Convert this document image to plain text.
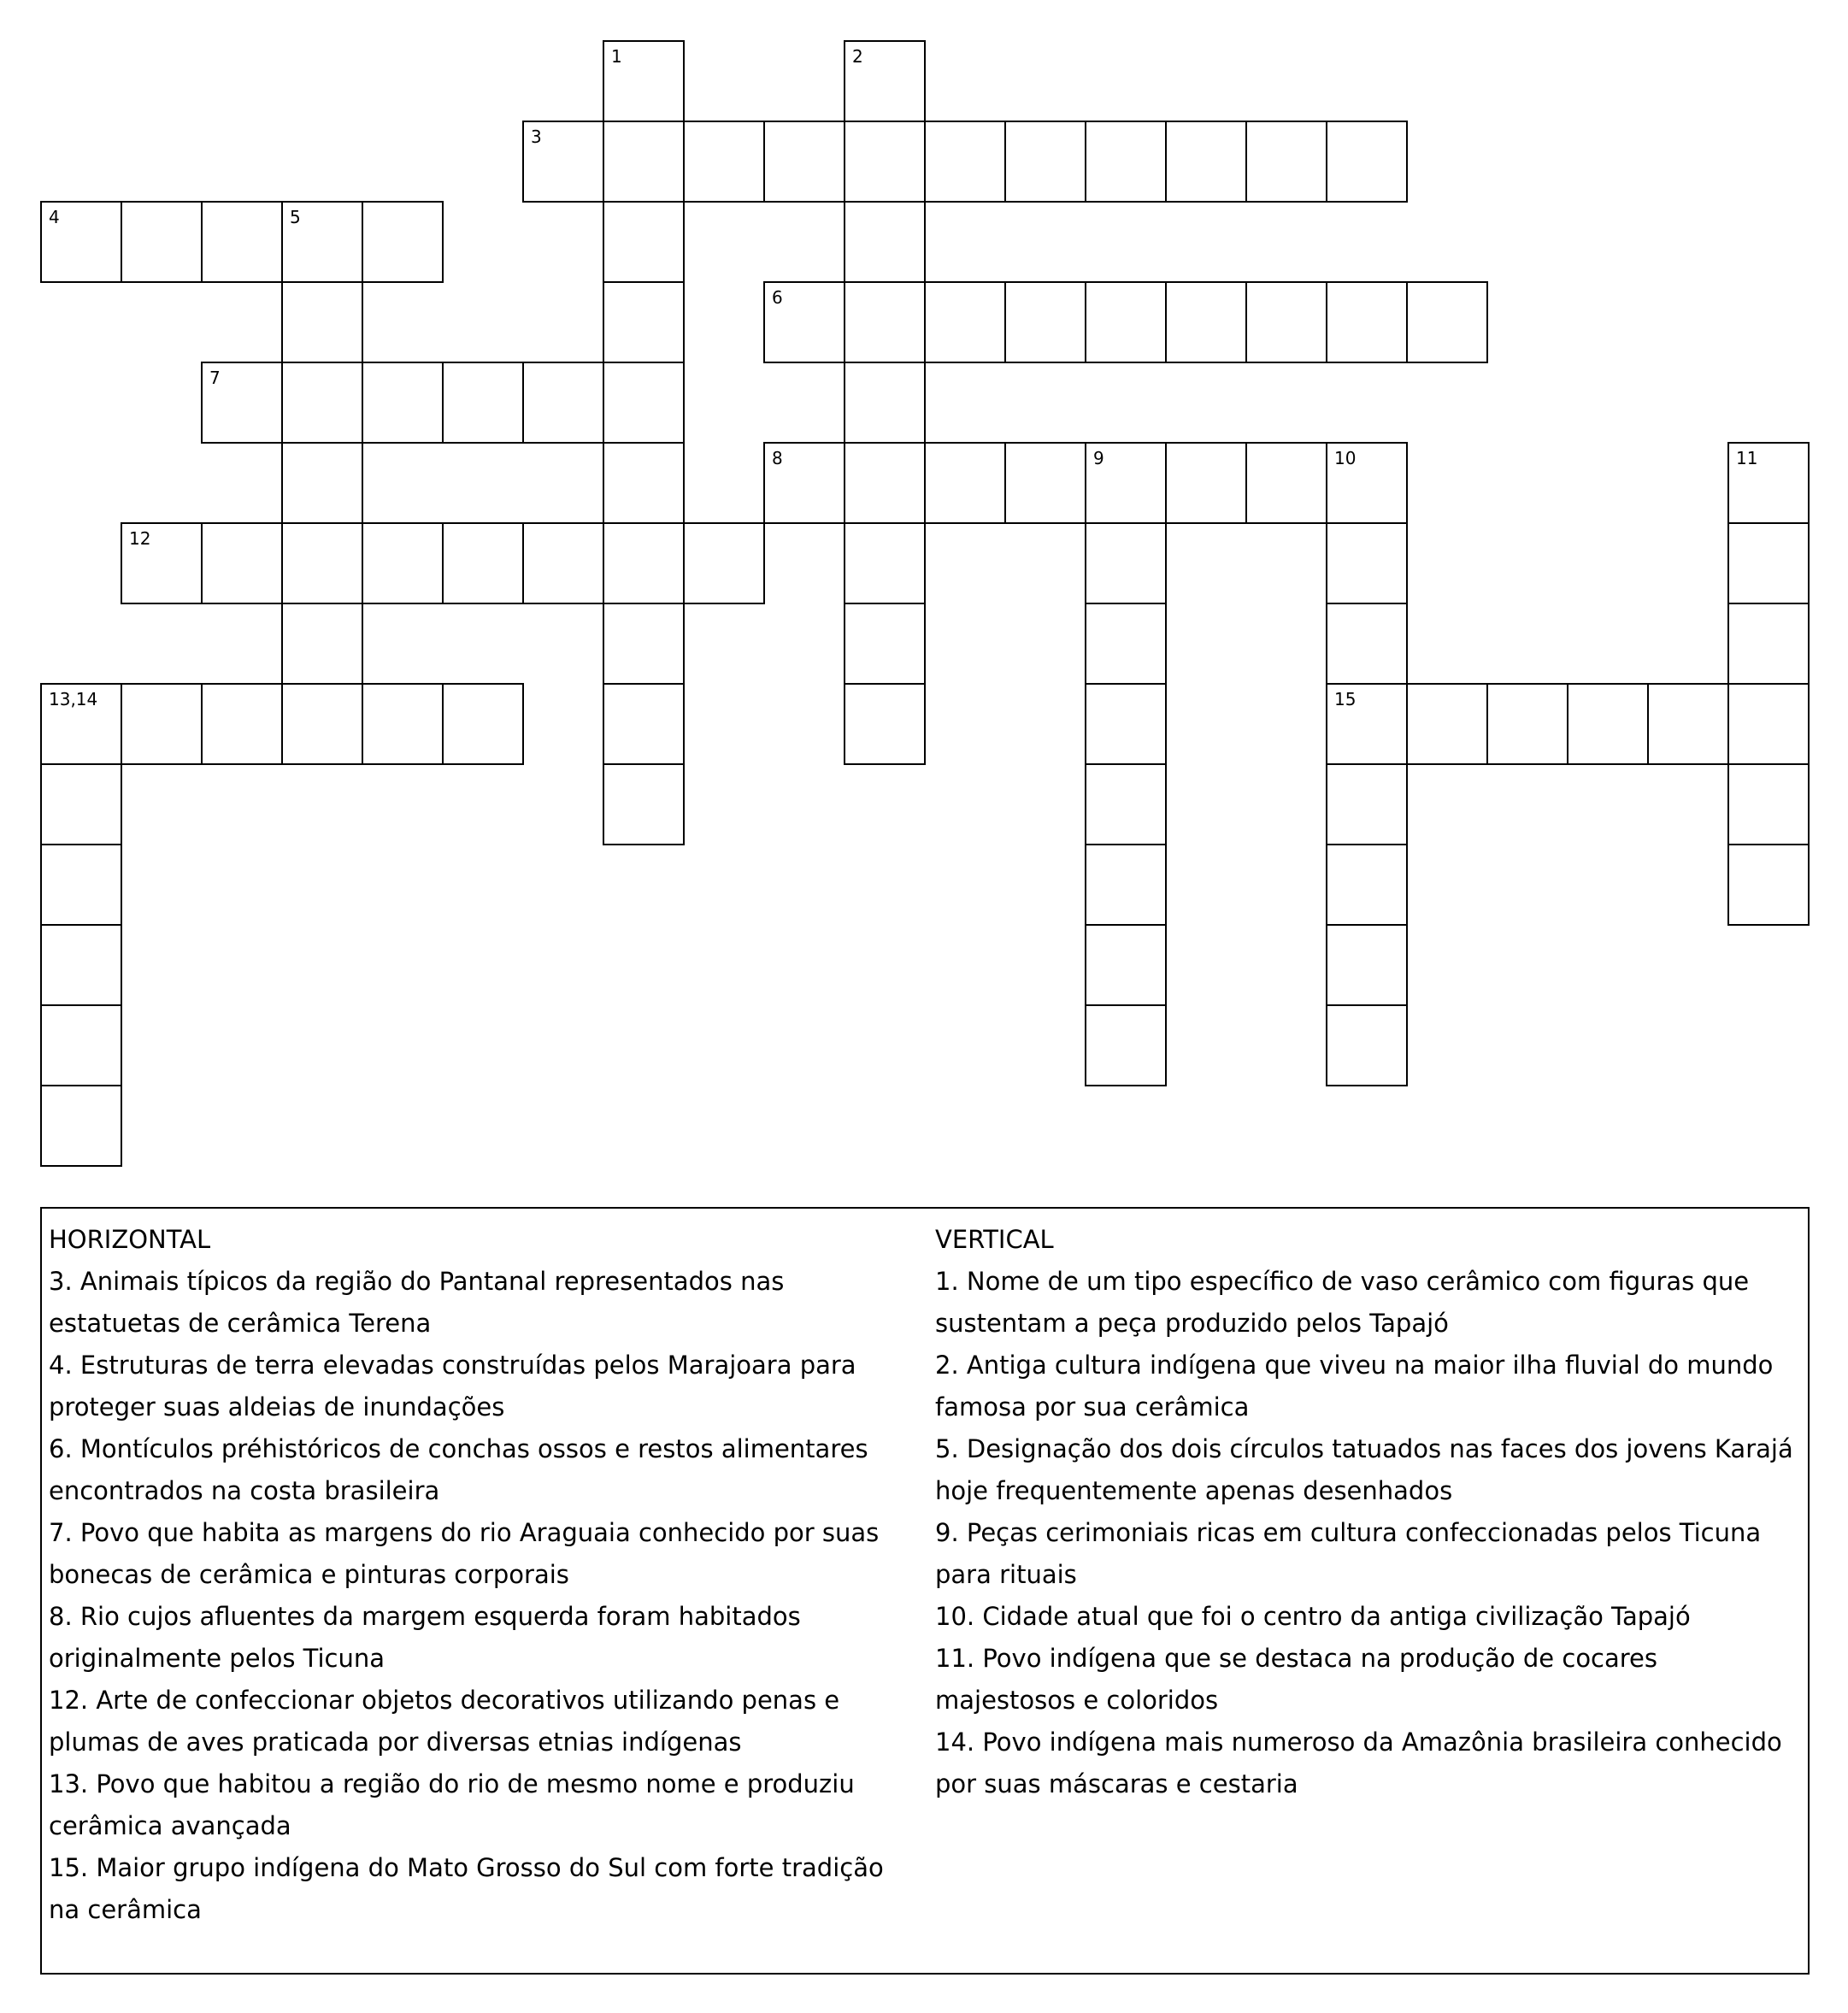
1	2
3
4	5
6
7
8	9	10	11
12
13,14	15

HORIZONTAL

3. Animais típicos da região do Pantanal representados nas estatuetas de cerâmica Terena

4. Estruturas de terra elevadas construídas pelos Marajoara para proteger suas aldeias de inundações

6. Montículos préhistóricos de conchas ossos e restos alimentares encontrados na costa brasileira

7. Povo que habita as margens do rio Araguaia conhecido por suas bonecas de cerâmica e pinturas corporais

8. Rio cujos afluentes da margem esquerda foram habitados originalmente pelos Ticuna

12. Arte de confeccionar objetos decorativos utilizando penas e plumas de aves praticada por diversas etnias indígenas

13. Povo que habitou a região do rio de mesmo nome e produziu cerâmica avançada

15. Maior grupo indígena do Mato Grosso do Sul com forte tradição na cerâmica

VERTICAL

1. Nome de um tipo específico de vaso cerâmico com figuras que sustentam a peça produzido pelos Tapajó

2. Antiga cultura indígena que viveu na maior ilha fluvial do mundo famosa por sua cerâmica

5. Designação dos dois círculos tatuados nas faces dos jovens Karajá hoje frequentemente apenas desenhados

9. Peças cerimoniais ricas em cultura confeccionadas pelos Ticuna para rituais

10. Cidade atual que foi o centro da antiga civilização Tapajó

11. Povo indígena que se destaca na produção de cocares majestosos e coloridos

14. Povo indígena mais numeroso da Amazônia brasileira conhecido por suas máscaras e cestaria
